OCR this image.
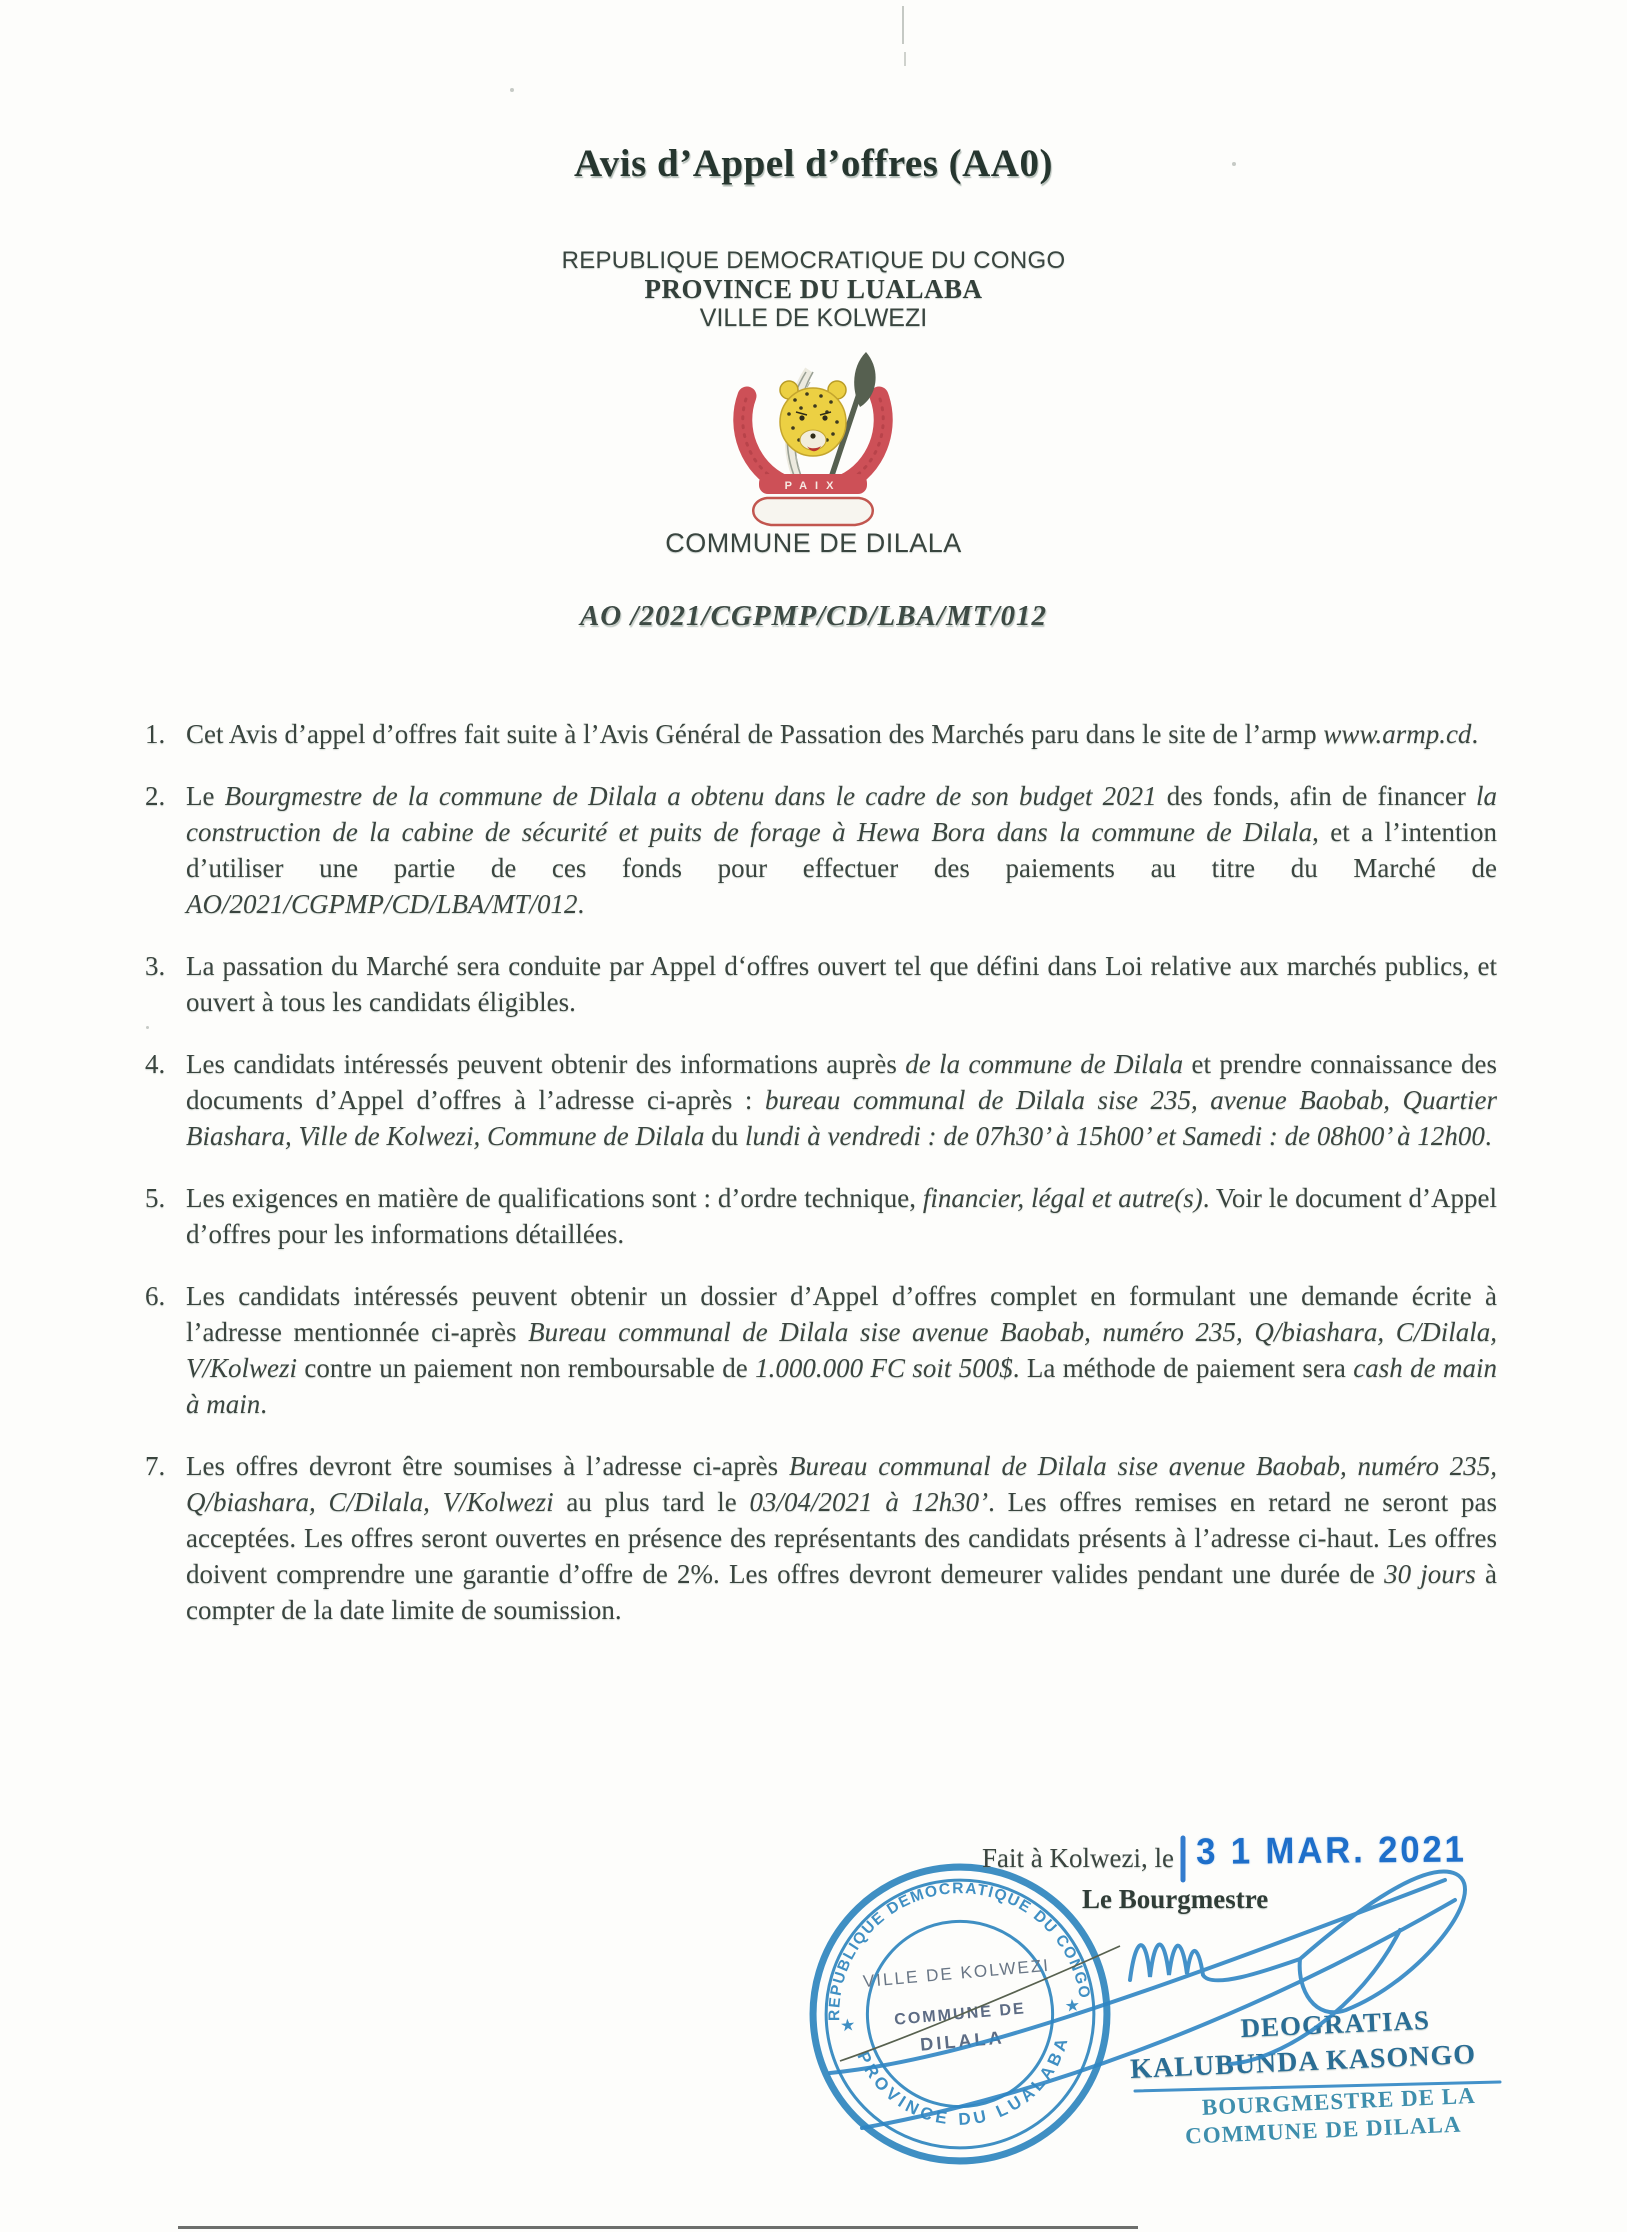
Avis d’Appel d’offres (AA0)
REPUBLIQUE DEMOCRATIQUE DU CONGO
PROVINCE DU LUALABA
VILLE DE KOLWEZI
PAIX
COMMUNE DE DILALA
AO /2021/CGPMP/CD/LBA/MT/012
1. Cet Avis d’appel d’offres fait suite à l’Avis Général de Passation des Marchés paru dans le site de l’armp www.armp.cd.
2. Le Bourgmestre de la commune de Dilala a obtenu dans le cadre de son budget 2021 des fonds, afin de financer la construction de la cabine de sécurité et puits de forage à Hewa Bora dans la commune de Dilala, et a l’intention d’utiliser une partie de ces fonds pour effectuer des paiements au titre du Marché de AO/2021/CGPMP/CD/LBA/MT/012.
3. La passation du Marché sera conduite par Appel d‘offres ouvert tel que défini dans Loi relative aux marchés publics, et ouvert à tous les candidats éligibles.
4. Les candidats intéressés peuvent obtenir des informations auprès de la commune de Dilala et prendre connaissance des documents d’Appel d’offres à l’adresse ci-après : bureau communal de Dilala sise 235, avenue Baobab, Quartier Biashara, Ville de Kolwezi, Commune de Dilala du lundi à vendredi : de 07h30’ à 15h00’ et Samedi : de 08h00’ à 12h00.
5. Les exigences en matière de qualifications sont : d’ordre technique, financier, légal et autre(s). Voir le document d’Appel d’offres pour les informations détaillées.
6. Les candidats intéressés peuvent obtenir un dossier d’Appel d’offres complet en formulant une demande écrite à l’adresse mentionnée ci-après Bureau communal de Dilala sise avenue Baobab, numéro 235, Q/biashara, C/Dilala, V/Kolwezi contre un paiement non remboursable de 1.000.000 FC soit 500$. La méthode de paiement sera cash de main à main.
7. Les offres devront être soumises à l’adresse ci-après Bureau communal de Dilala sise avenue Baobab, numéro 235, Q/biashara, C/Dilala, V/Kolwezi au plus tard le 03/04/2021 à 12h30’. Les offres remises en retard ne seront pas acceptées. Les offres seront ouvertes en présence des représentants des candidats présents à l’adresse ci-haut. Les offres doivent comprendre une garantie d’offre de 2%. Les offres devront demeurer valides pendant une durée de 30 jours à compter de la date limite de soumission.
Fait à Kolwezi, le 3 1 MAR. 2021
Le Bourgmestre
REPUBLIQUE DEMOCRATIQUE DU CONGO
PROVINCE DU LUALABA
★
★
VILLE DE KOLWEZI
COMMUNE DE
DILALA	DEOGRATIAS
KALUBUNDA KASONGO
BOURGMESTRE DE LA
COMMUNE DE DILALA
